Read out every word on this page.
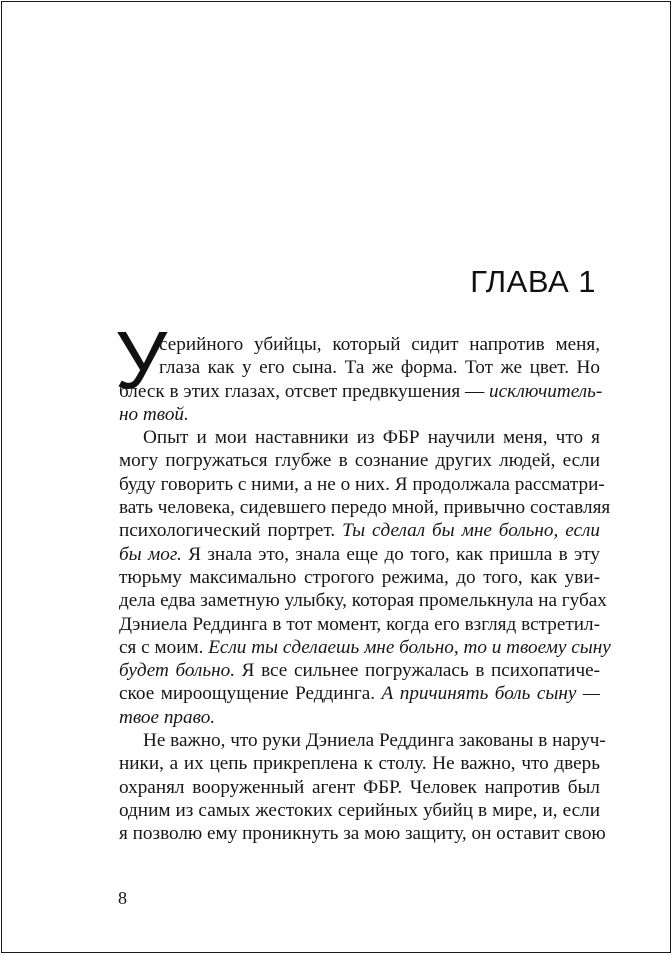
ГЛАВА 1
У
серийного убийцы, который сидит напротив меня,
глаза как у его сына. Та же форма. Тот же цвет. Но
блеск в этих глазах, отсвет предвкушения — исключитель-
но твой.
Опыт и мои наставники из ФБР научили меня, что я
могу погружаться глубже в сознание других людей, если
буду говорить с ними, а не о них. Я продолжала рассматри-
вать человека, сидевшего передо мной, привычно составляя
психологический портрет. Ты сделал бы мне больно, если
бы мог. Я знала это, знала еще до того, как пришла в эту
тюрьму максимально строгого режима, до того, как уви-
дела едва заметную улыбку, которая промелькнула на губах
Дэниела Реддинга в тот момент, когда его взгляд встретил-
ся с моим. Если ты сделаешь мне больно, то и твоему сыну
будет больно. Я все сильнее погружалась в психопатиче-
ское мироощущение Реддинга. А причинять боль сыну —
твое право.
Не важно, что руки Дэниела Реддинга закованы в наруч-
ники, а их цепь прикреплена к столу. Не важно, что дверь
охранял вооруженный агент ФБР. Человек напротив был
одним из самых жестоких серийных убийц в мире, и, если
я позволю ему проникнуть за мою защиту, он оставит свою
8
